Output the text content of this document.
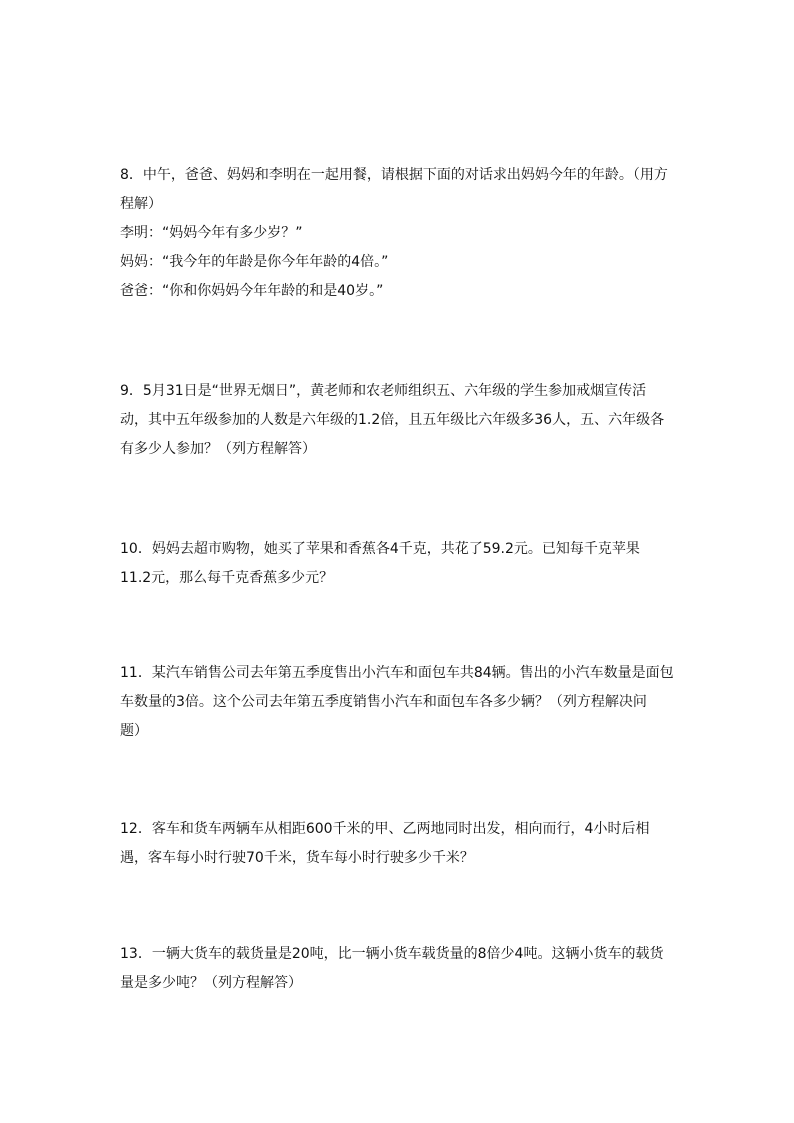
8．中午，爸爸、妈妈和李明在一起用餐，请根据下面的对话求出妈妈今年的年龄。（用方
程解）
李明：“妈妈今年有多少岁？”
妈妈：“我今年的年龄是你今年年龄的4倍。”
爸爸：“你和你妈妈今年年龄的和是40岁。”
9．5月31日是“世界无烟日”，黄老师和农老师组织五、六年级的学生参加戒烟宣传活
动，其中五年级参加的人数是六年级的1.2倍，且五年级比六年级多36人，五、六年级各
有多少人参加？（列方程解答）
10．妈妈去超市购物，她买了苹果和香蕉各4千克，共花了59.2元。已知每千克苹果
11.2元，那么每千克香蕉多少元？
11．某汽车销售公司去年第五季度售出小汽车和面包车共84辆。售出的小汽车数量是面包
车数量的3倍。这个公司去年第五季度销售小汽车和面包车各多少辆？（列方程解决问
题）
12．客车和货车两辆车从相距600千米的甲、乙两地同时出发，相向而行，4小时后相
遇，客车每小时行驶70千米，货车每小时行驶多少千米？
13．一辆大货车的载货量是20吨，比一辆小货车载货量的8倍少4吨。这辆小货车的载货
量是多少吨？（列方程解答）
